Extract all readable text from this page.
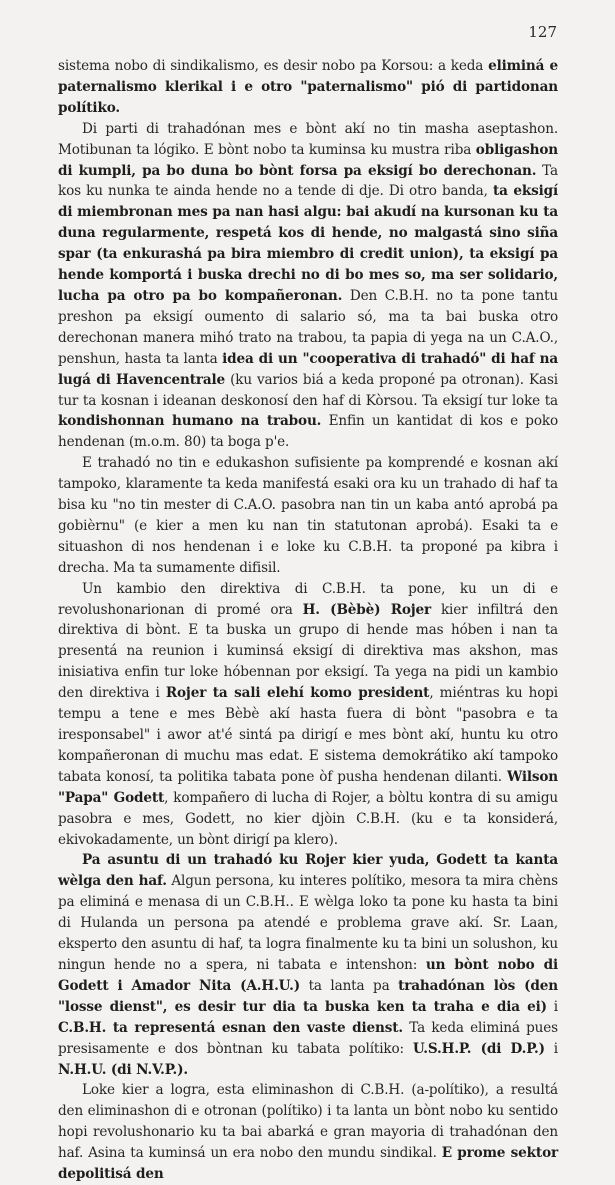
127

sistema nobo di sindikalismo, es desir nobo pa Korsou: a keda eliminá e paternalismo klerikal i e otro "paternalismo" pió di partidonan polítiko.

Di parti di trahadónan mes e bònt akí no tin masha aseptashon. Motibunan ta lógiko. E bònt nobo ta kuminsa ku mustra riba obligashon di kumpli, pa bo duna bo bònt forsa pa eksigí bo derechonan. Ta kos ku nunka te ainda hende no a tende di dje. Di otro banda, ta eksigí di miembronan mes pa nan hasi algu: bai akudí na kursonan ku ta duna regularmente, respetá kos di hende, no malgastá sino siña spar (ta enkurashá pa bira miembro di credit union), ta eksigí pa hende komportá i buska drechi no di bo mes so, ma ser solidario, lucha pa otro pa bo kompañeronan. Den C.B.H. no ta pone tantu preshon pa eksigí oumento di salario só, ma ta bai buska otro derechonan manera mihó trato na trabou, ta papia di yega na un C.A.O., penshun, hasta ta lanta idea di un "cooperativa di trahadó" di haf na lugá di Havencentrale (ku varios biá a keda proponé pa otronan). Kasi tur ta kosnan i ideanan deskonosí den haf di Kòrsou. Ta eksigí tur loke ta kondishonnan humano na trabou. Enfin un kantidat di kos e poko hendenan (m.o.m. 80) ta boga p'e.

E trahadó no tin e edukashon sufisiente pa komprendé e kosnan akí tampoko, klaramente ta keda manifestá esaki ora ku un trahado di haf ta bisa ku "no tin mester di C.A.O. pasobra nan tin un kaba antó aprobá pa gobièrnu" (e kier a men ku nan tin statutonan aprobá). Esaki ta e situashon di nos hendenan i e loke ku C.B.H. ta proponé pa kibra i drecha. Ma ta sumamente difisil.

Un kambio den direktiva di C.B.H. ta pone, ku un di e revolushonarionan di promé ora H. (Bèbè) Rojer kier infiltrá den direktiva di bònt. E ta buska un grupo di hende mas hóben i nan ta presentá na reunion i kuminsá eksigí di direktiva mas akshon, mas inisiativa enfin tur loke hóbennan por eksigí. Ta yega na pidi un kambio den direktiva i Rojer ta sali elehí komo president, miéntras ku hopi tempu a tene e mes Bèbè akí hasta fuera di bònt "pasobra e ta iresponsabel" i awor at'é sintá pa dirigí e mes bònt akí, huntu ku otro kompañeronan di muchu mas edat. E sistema demokrátiko akí tampoko tabata konosí, ta politika tabata pone òf pusha hendenan dilanti. Wilson "Papa" Godett, kompañero di lucha di Rojer, a bòltu kontra di su amigu pasobra e mes, Godett, no kier djòin C.B.H. (ku e ta konsiderá, ekivokadamente, un bònt dirigí pa klero).

Pa asuntu di un trahadó ku Rojer kier yuda, Godett ta kanta wèlga den haf. Algun persona, ku interes polítiko, mesora ta mira chèns pa eliminá e menasa di un C.B.H.. E wèlga loko ta pone ku hasta ta bini di Hulanda un persona pa atendé e problema grave akí. Sr. Laan, eksperto den asuntu di haf, ta logra finalmente ku ta bini un solushon, ku ningun hende no a spera, ni tabata e intenshon: un bònt nobo di Godett i Amador Nita (A.H.U.) ta lanta pa trahadónan lòs (den "losse dienst", es desir tur dia ta buska ken ta traha e dia ei) i C.B.H. ta representá esnan den vaste dienst. Ta keda eliminá pues presisamente e dos bòntnan ku tabata polítiko: U.S.H.P. (di D.P.) i N.H.U. (di N.V.P.).

Loke kier a logra, esta eliminashon di C.B.H. (a-polítiko), a resultá den eliminashon di e otronan (polítiko) i ta lanta un bònt nobo ku sentido hopi revolushonario ku ta bai abarká e gran mayoria di trahadónan den haf. Asina ta kuminsá un era nobo den mundu sindikal. E prome sektor depolitisá den
